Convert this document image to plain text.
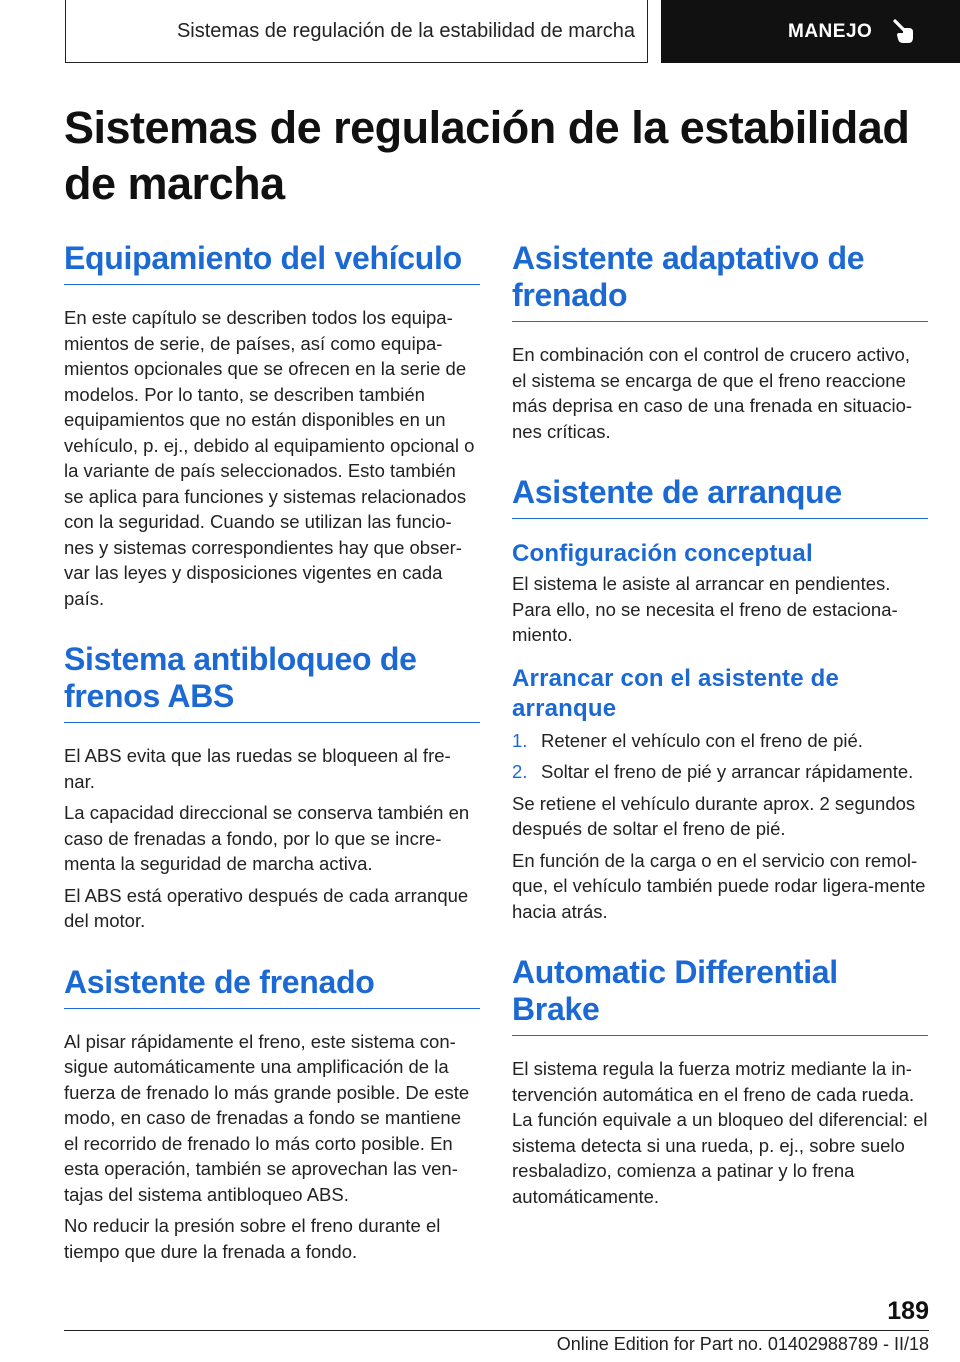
Sistemas de regulación de la estabilidad de marcha	MANEJO
Sistemas de regulación de la estabilidad de marcha
Equipamiento del vehículo

En este capítulo se describen todos los equipa-mientos de serie, de países, así como equipa-mientos opcionales que se ofrecen en la serie de modelos. Por lo tanto, se describen también equipamientos que no están disponibles en un vehículo, p. ej., debido al equipamiento opcional o la variante de país seleccionados. Esto también se aplica para funciones y sistemas relacionados con la seguridad. Cuando se utilizan las funcio-nes y sistemas correspondientes hay que obser-var las leyes y disposiciones vigentes en cada país.

Sistema antibloqueo de frenos ABS

El ABS evita que las ruedas se bloqueen al fre-nar.

La capacidad direccional se conserva también en caso de frenadas a fondo, por lo que se incre-menta la seguridad de marcha activa.

El ABS está operativo después de cada arranque del motor.

Asistente de frenado

Al pisar rápidamente el freno, este sistema con-sigue automáticamente una amplificación de la fuerza de frenado lo más grande posible. De este modo, en caso de frenadas a fondo se mantiene el recorrido de frenado lo más corto posible. En esta operación, también se aprovechan las ven-tajas del sistema antibloqueo ABS.

No reducir la presión sobre el freno durante el tiempo que dure la frenada a fondo.

Asistente adaptativo de frenado

En combinación con el control de crucero activo, el sistema se encarga de que el freno reaccione más deprisa en caso de una frenada en situacio-nes críticas.

Asistente de arranque
Configuración conceptual

El sistema le asiste al arrancar en pendientes. Para ello, no se necesita el freno de estaciona-miento.

Arrancar con el asistente de arranque
1. Retener el vehículo con el freno de pié.
2. Soltar el freno de pié y arrancar rápidamente.

Se retiene el vehículo durante aprox. 2 segundos después de soltar el freno de pié.

En función de la carga o en el servicio con remol-que, el vehículo también puede rodar ligera-mente hacia atrás.

Automatic Differential Brake

El sistema regula la fuerza motriz mediante la in-tervención automática en el freno de cada rueda. La función equivale a un bloqueo del diferencial: el sistema detecta si una rueda, p. ej., sobre suelo resbaladizo, comienza a patinar y lo frena automáticamente.

189
Online Edition for Part no. 01402988789 - II/18
